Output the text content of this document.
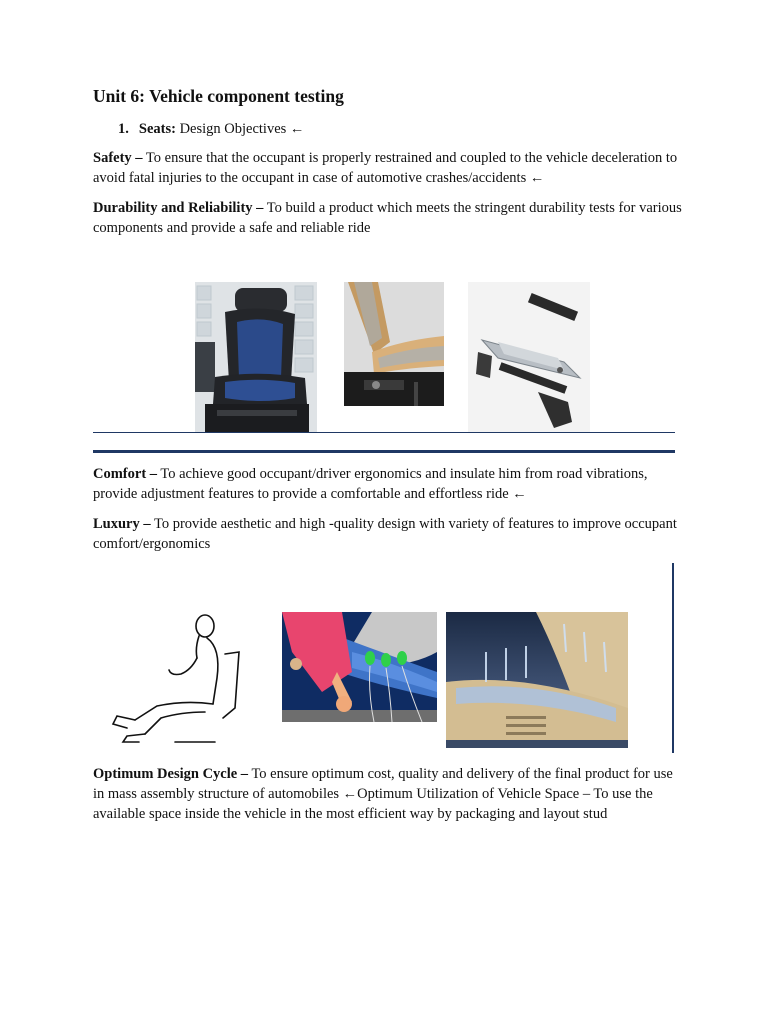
Unit 6: Vehicle component testing
1. Seats: Design Objectives ←

Safety – To ensure that the occupant is properly restrained and coupled to the vehicle deceleration to avoid fatal injuries to the occupant in case of automotive crashes/accidents ←

Durability and Reliability – To build a product which meets the stringent durability tests for various components and provide a safe and reliable ride

Comfort – To achieve good occupant/driver ergonomics and insulate him from road vibrations, provide adjustment features to provide a comfortable and effortless ride ←

Luxury – To provide aesthetic and high -quality design with variety of features to improve occupant comfort/ergonomics

Optimum Design Cycle – To ensure optimum cost, quality and delivery of the final product for use in mass assembly structure of automobiles ←Optimum Utilization of Vehicle Space – To use the available space inside the vehicle in the most efficient way by packaging and layout stud
